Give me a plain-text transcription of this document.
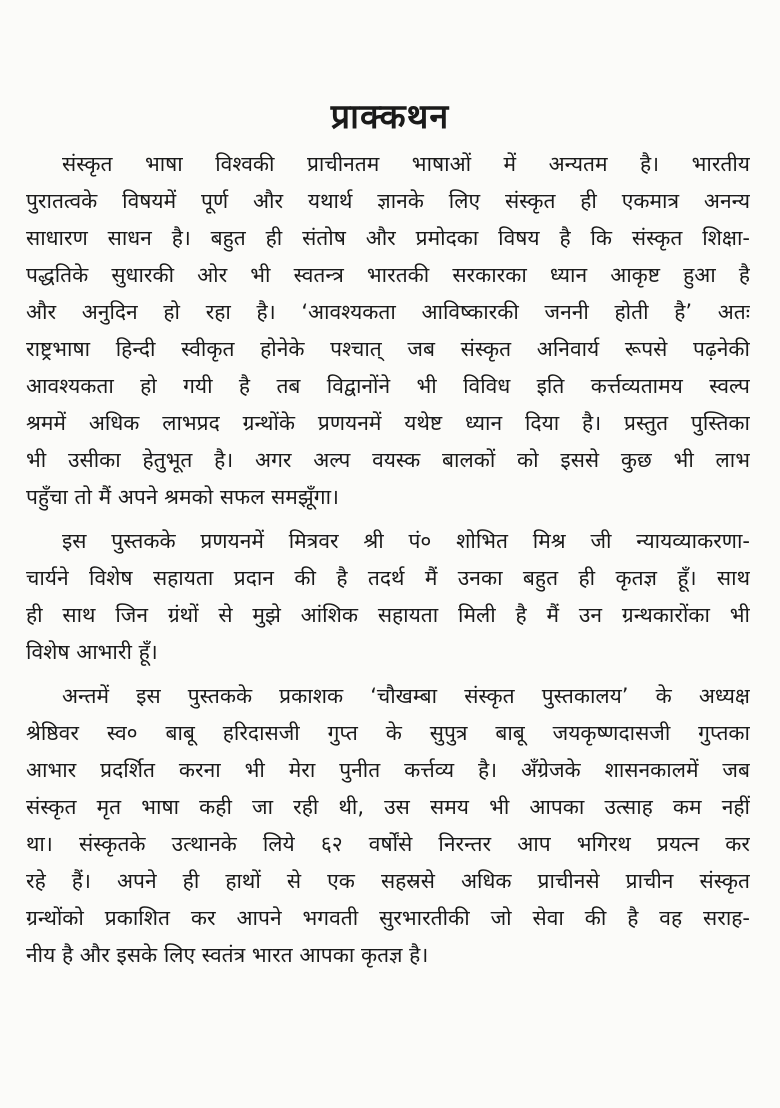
प्राक्कथन
संस्कृत भाषा विश्वकी प्राचीनतम भाषाओं में अन्यतम है। भारतीय
पुरातत्वके विषयमें पूर्ण और यथार्थ ज्ञानके लिए संस्कृत ही एकमात्र अनन्य
साधारण साधन है। बहुत ही संतोष और प्रमोदका विषय है कि संस्कृत शिक्षा-
पद्धतिके सुधारकी ओर भी स्वतन्त्र भारतकी सरकारका ध्यान आकृष्ट हुआ है
और अनुदिन हो रहा है। ‘आवश्यकता आविष्कारकी जननी होती है’ अतः
राष्ट्रभाषा हिन्दी स्वीकृत होनेके पश्चात् जब संस्कृत अनिवार्य रूपसे पढ़नेकी
आवश्यकता हो गयी है तब विद्वानोंने भी विविध इति कर्त्तव्यतामय स्वल्प
श्रममें अधिक लाभप्रद ग्रन्थोंके प्रणयनमें यथेष्ट ध्यान दिया है। प्रस्तुत पुस्तिका
भी उसीका हेतुभूत है। अगर अल्प वयस्क बालकों को इससे कुछ भी लाभ
पहुँचा तो मैं अपने श्रमको सफल समझूँगा।
इस पुस्तकके प्रणयनमें मित्रवर श्री पं० शोभित मिश्र जी न्यायव्याकरणा-
चार्यने विशेष सहायता प्रदान की है तदर्थ मैं उनका बहुत ही कृतज्ञ हूँ। साथ
ही साथ जिन ग्रंथों से मुझे आंशिक सहायता मिली है मैं उन ग्रन्थकारोंका भी
विशेष आभारी हूँ।
अन्तमें इस पुस्तकके प्रकाशक ‘चौखम्बा संस्कृत पुस्तकालय’ के अध्यक्ष
श्रेष्ठिवर स्व० बाबू हरिदासजी गुप्त के सुपुत्र बाबू जयकृष्णदासजी गुप्तका
आभार प्रदर्शित करना भी मेरा पुनीत कर्त्तव्य है। अँग्रेजके शासनकालमें जब
संस्कृत मृत भाषा कही जा रही थी, उस समय भी आपका उत्साह कम नहीं
था। संस्कृतके उत्थानके लिये ६२ वर्षोंसे निरन्तर आप भगिरथ प्रयत्न कर
रहे हैं। अपने ही हाथों से एक सहस्रसे अधिक प्राचीनसे प्राचीन संस्कृत
ग्रन्थोंको प्रकाशित कर आपने भगवती सुरभारतीकी जो सेवा की है वह सराह-
नीय है और इसके लिए स्वतंत्र भारत आपका कृतज्ञ है।
